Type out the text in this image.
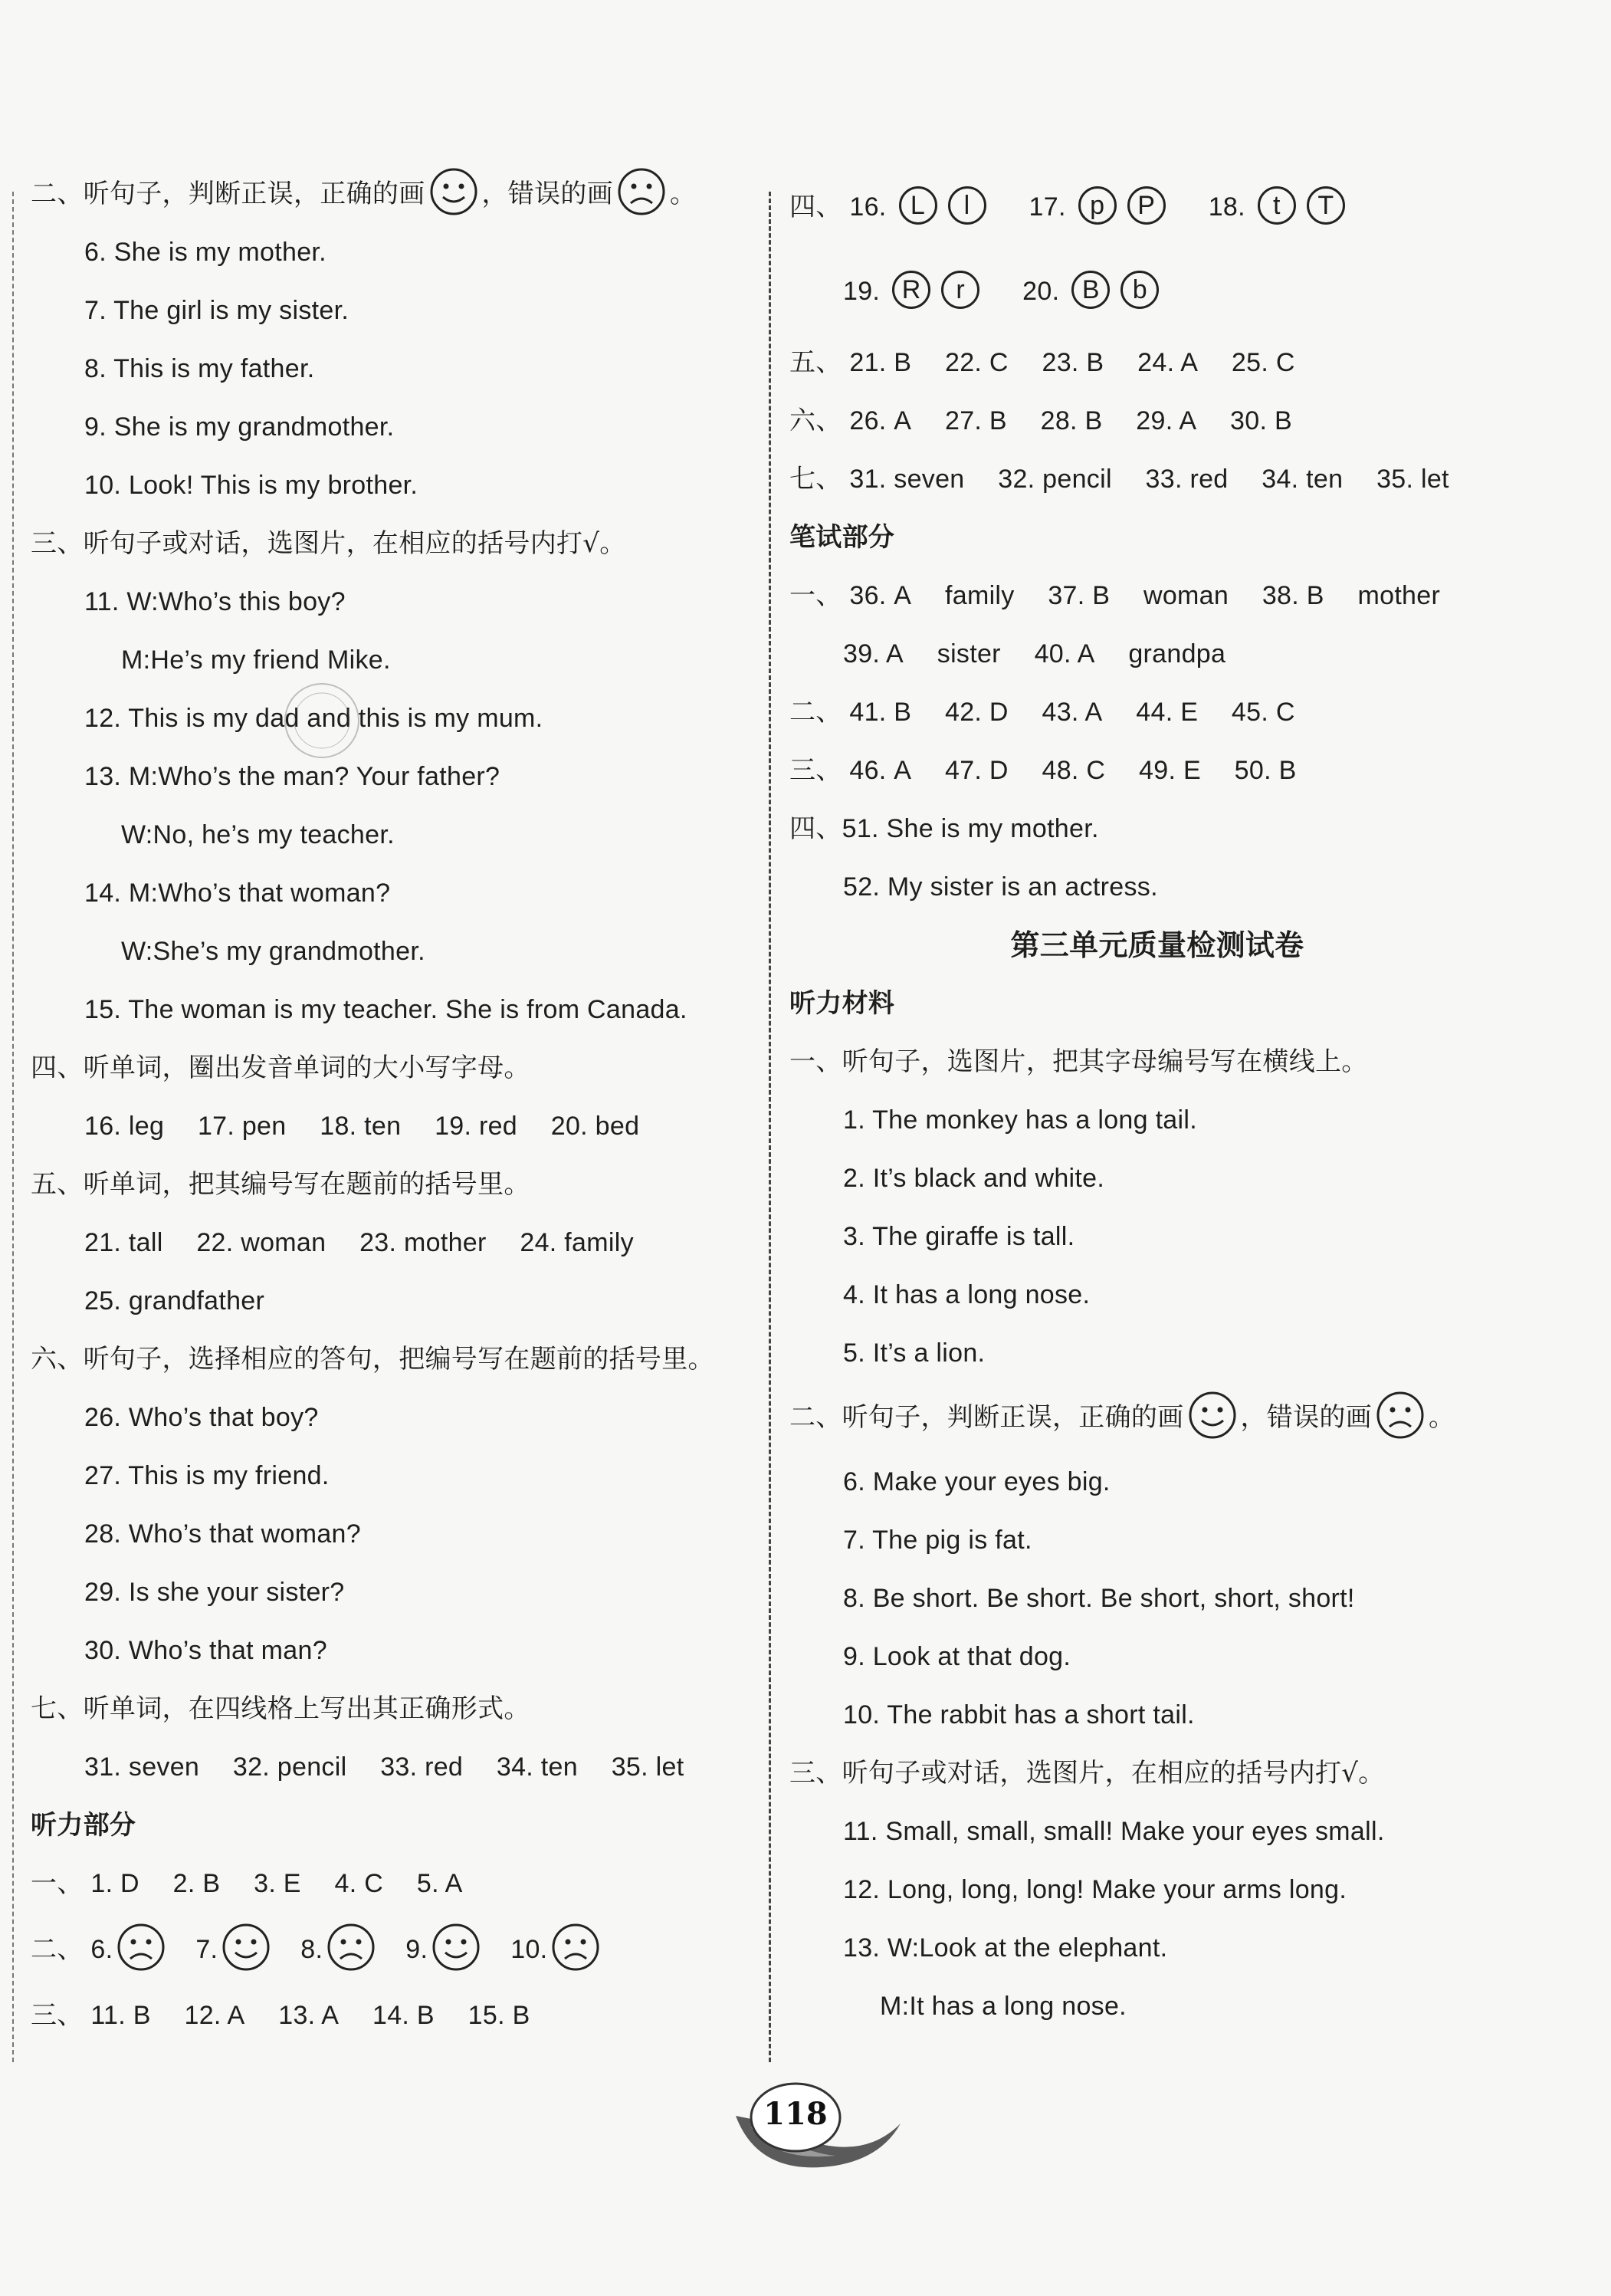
二、听句子，判断正误，正确的画 ，错误的画 。
6. She is my mother.
7. The girl is my sister.
8. This is my father.
9. She is my grandmother.
10. Look! This is my brother.
三、听句子或对话，选图片，在相应的括号内打√。
11. W:Who’s this boy?
M:He’s my friend Mike.
12. This is my dad and this is my mum.
13. M:Who’s the man? Your father?
W:No, he’s my teacher.
14. M:Who’s that woman?
W:She’s my grandmother.
15. The woman is my teacher. She is from Canada.
四、听单词，圈出发音单词的大小写字母。
16. leg 17. pen 18. ten 19. red 20. bed
五、听单词，把其编号写在题前的括号里。
21. tall 22. woman 23. mother 24. family
25. grandfather
六、听句子，选择相应的答句，把编号写在题前的括号里。
26. Who’s that boy?
27. This is my friend.
28. Who’s that woman?
29. Is she your sister?
30. Who’s that man?
七、听单词，在四线格上写出其正确形式。
31. seven 32. pencil 33. red 34. ten 35. let
听力部分
一、 1. D 2. B 3. E 4. C 5. A
二、 6.	7.	8.	9.	10.
三、 11. B 12. A 13. A 14. B 15. B
四、 16. L l 17. p P 18. t T
19. R r 20. B b
五、 21. B 22. C 23. B 24. A 25. C
六、 26. A 27. B 28. B 29. A 30. B
七、 31. seven 32. pencil 33. red 34. ten 35. let
笔试部分
一、 36. A family 37. B woman 38. B mother
39. A sister 40. A grandpa
二、 41. B 42. D 43. A 44. E 45. C
三、 46. A 47. D 48. C 49. E 50. B
四、51. She is my mother.
52. My sister is an actress.
第三单元质量检测试卷
听力材料
一、听句子，选图片，把其字母编号写在横线上。
1. The monkey has a long tail.
2. It’s black and white.
3. The giraffe is tall.
4. It has a long nose.
5. It’s a lion.
二、听句子，判断正误，正确的画 ，错误的画 。
6. Make your eyes big.
7. The pig is fat.
8. Be short. Be short. Be short, short, short!
9. Look at that dog.
10. The rabbit has a short tail.
三、听句子或对话，选图片，在相应的括号内打√。
11. Small, small, small! Make your eyes small.
12. Long, long, long! Make your arms long.
13. W:Look at the elephant.
M:It has a long nose.
118
